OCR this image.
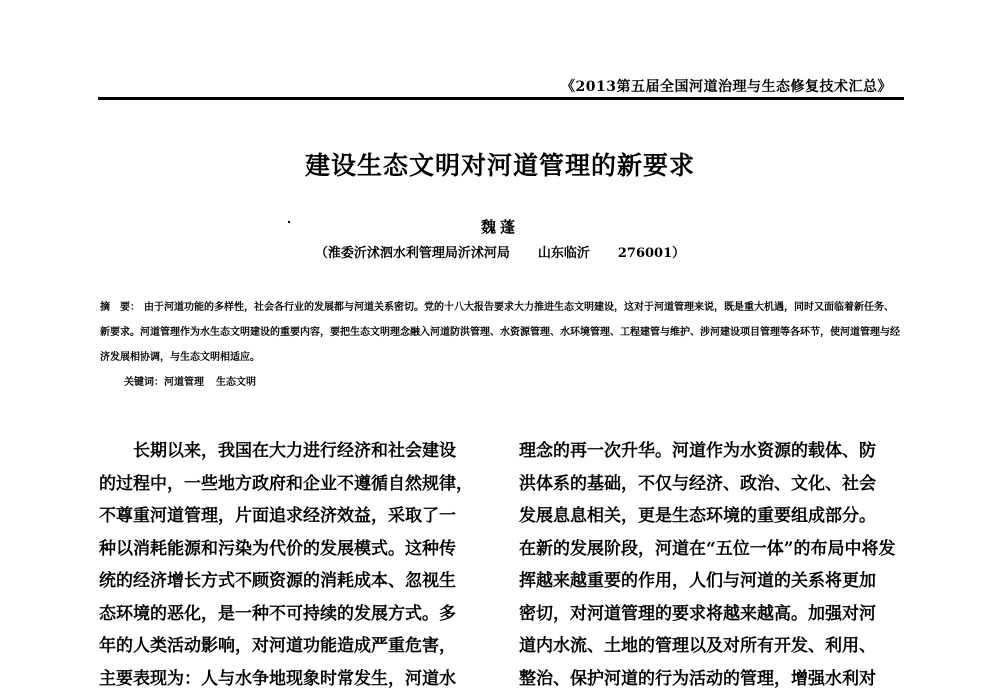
《2013第五届全国河道治理与生态修复技术汇总》
建设生态文明对河道管理的新要求
魏蓬
（淮委沂沭泗水利管理局沂沭河局 山东临沂 276001）
摘　要： 由于河道功能的多样性，社会各行业的发展都与河道关系密切。党的十八大报告要求大力推进生态文明建设，这对于河道管理来说，既是重大机遇，同时又面临着新任务、新要求。河道管理作为水生态文明建设的重要内容，要把生态文明理念融入河道防洪管理、水资源管理、水环境管理、工程建管与维护、涉河建设项目管理等各环节，使河道管理与经济发展相协调，与生态文明相适应。
关键词：河道管理 生态文明
长期以来，我国在大力进行经济和社会建设
的过程中，一些地方政府和企业不遵循自然规律，
不尊重河道管理，片面追求经济效益，采取了一
种以消耗能源和污染为代价的发展模式。这种传
统的经济增长方式不顾资源的消耗成本、忽视生
态环境的恶化，是一种不可持续的发展方式。多
年的人类活动影响，对河道功能造成严重危害，
主要表现为：人与水争地现象时常发生，河道水
理念的再一次升华。河道作为水资源的载体、防
洪体系的基础，不仅与经济、政治、文化、社会
发展息息相关，更是生态环境的重要组成部分。
在新的发展阶段，河道在“五位一体”的布局中将发
挥越来越重要的作用，人们与河道的关系将更加
密切，对河道管理的要求将越来越高。加强对河
道内水流、土地的管理以及对所有开发、利用、
整治、保护河道的行为活动的管理，增强水利对
